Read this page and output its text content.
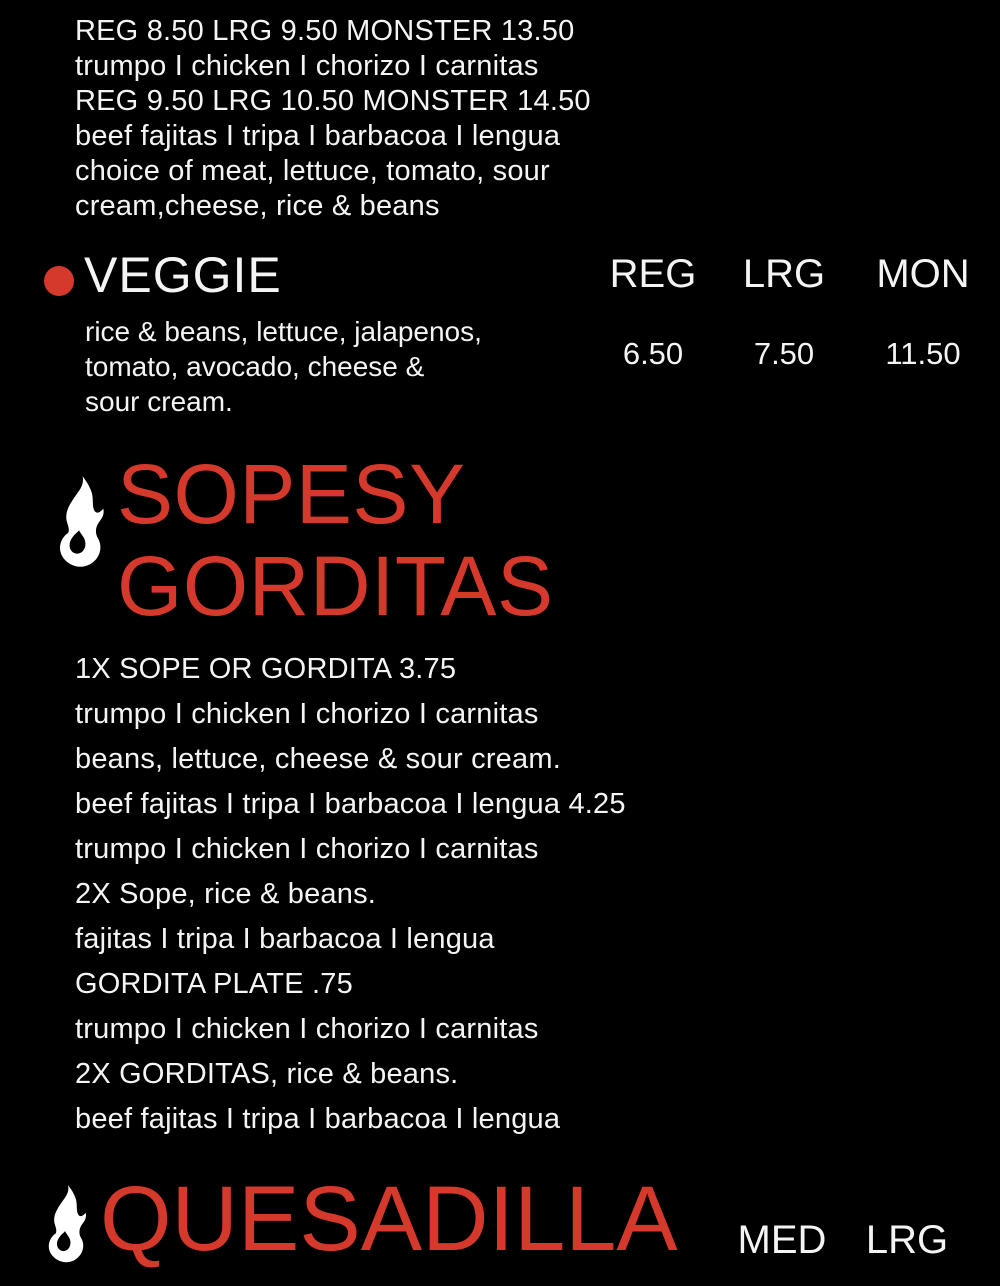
REG 8.50 LRG 9.50 MONSTER 13.50
trumpo I chicken I chorizo I carnitas
REG 9.50 LRG 10.50 MONSTER 14.50
beef fajitas I tripa I barbacoa I lengua
choice of meat, lettuce, tomato, sour
cream,cheese, rice & beans
VEGGIE
rice & beans, lettuce, jalapenos,
tomato, avocado, cheese &
sour cream.
REG
6.50
LRG
7.50
MON
11.50
SOPESY
GORDITAS
1X SOPE OR GORDITA 3.75
trumpo I chicken I chorizo I carnitas
beans, lettuce, cheese & sour cream.
beef fajitas I tripa I barbacoa I lengua 4.25
trumpo I chicken I chorizo I carnitas
2X Sope, rice & beans.
fajitas I tripa I barbacoa I lengua
GORDITA PLATE .75
trumpo I chicken I chorizo I carnitas
2X GORDITAS, rice & beans.
beef fajitas I tripa I barbacoa I lengua
QUESADILLA MED LRG
